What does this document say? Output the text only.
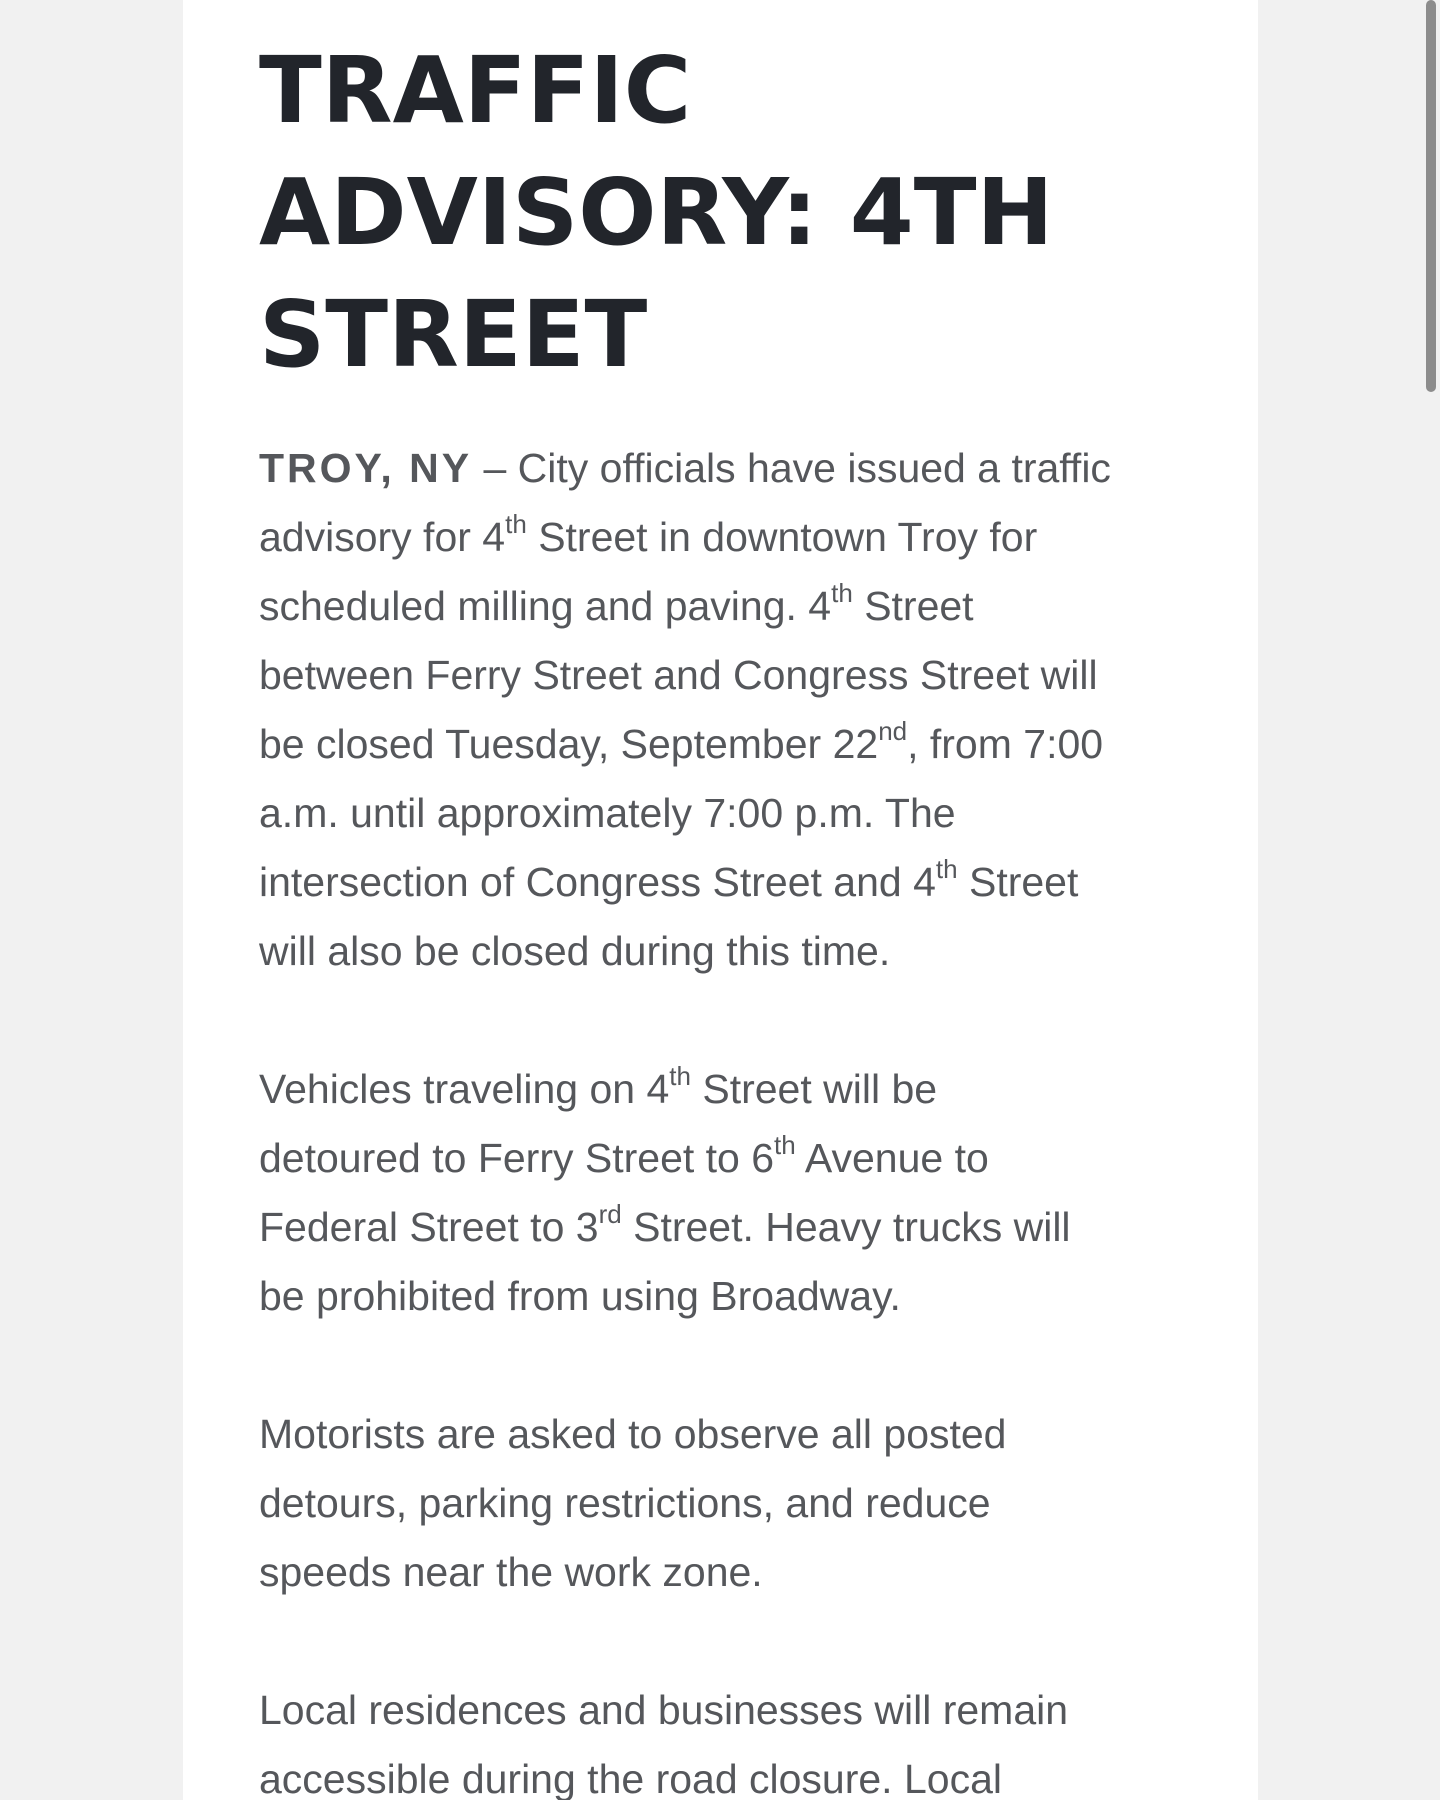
TRAFFIC
ADVISORY: 4TH
STREET

TROY, NY – City officials have issued a traffic
advisory for 4th Street in downtown Troy for
scheduled milling and paving. 4th Street
between Ferry Street and Congress Street will
be closed Tuesday, September 22nd, from 7:00
a.m. until approximately 7:00 p.m. The
intersection of Congress Street and 4th Street
will also be closed during this time.

Vehicles traveling on 4th Street will be
detoured to Ferry Street to 6th Avenue to
Federal Street to 3rd Street. Heavy trucks will
be prohibited from using Broadway.

Motorists are asked to observe all posted
detours, parking restrictions, and reduce
speeds near the work zone.

Local residences and businesses will remain
accessible during the road closure. Local
